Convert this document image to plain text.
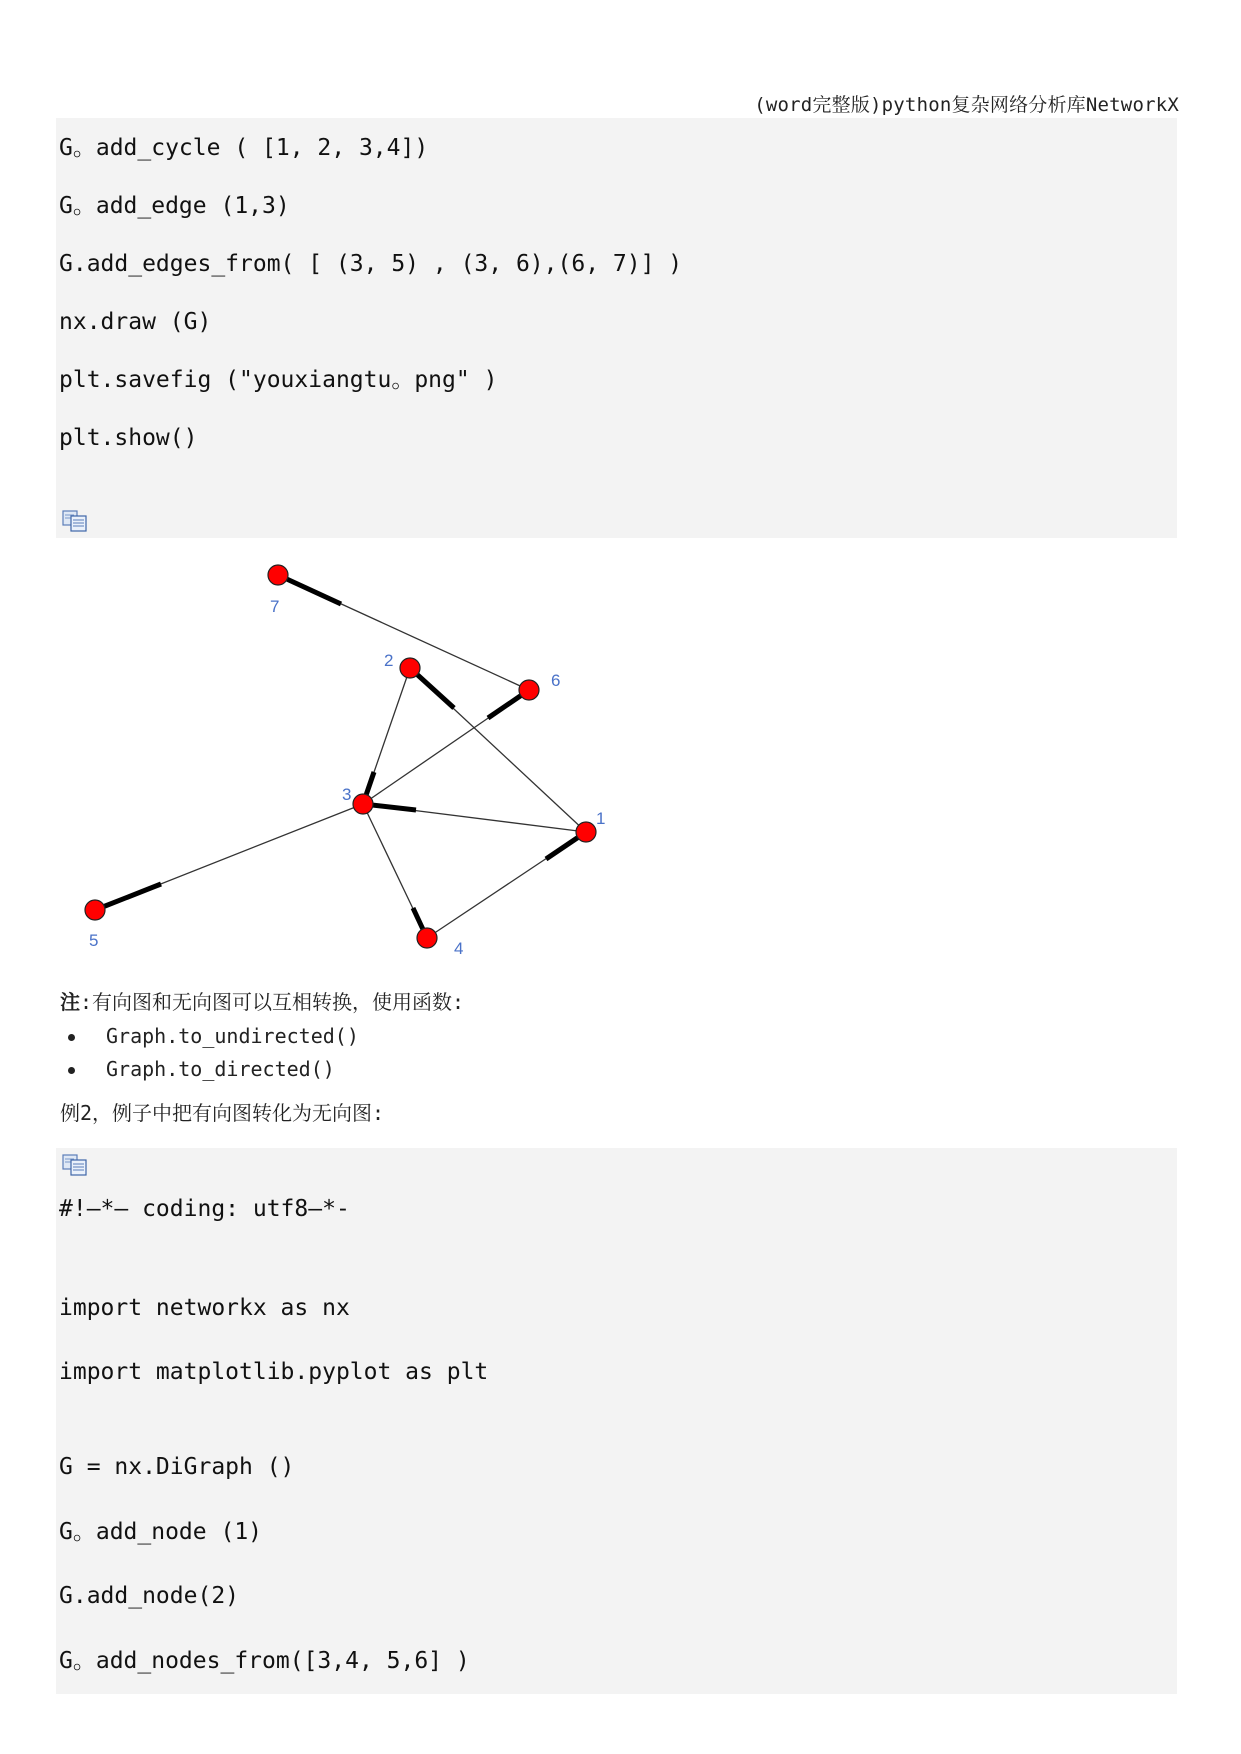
(word完整版)python复杂网络分析库NetworkX
G。add_cycle ( [1, 2, 3,4])
G。add_edge (1,3)
G.add_edges_from( [ (3, 5) , (3, 6),(6, 7)] )
nx.draw (G)
plt.savefig ("youxiangtu。png" )
plt.show()
1
2
3
4
5
6
7
注:有向图和无向图可以互相转换，使用函数:
Graph.to_undirected()
Graph.to_directed()
例2，例子中把有向图转化为无向图:
#!—*— coding: utf8—*-
import networkx as nx
import matplotlib.pyplot as plt
G = nx.DiGraph ()
G。add_node (1)
G.add_node(2)
G。add_nodes_from([3,4, 5,6] )
